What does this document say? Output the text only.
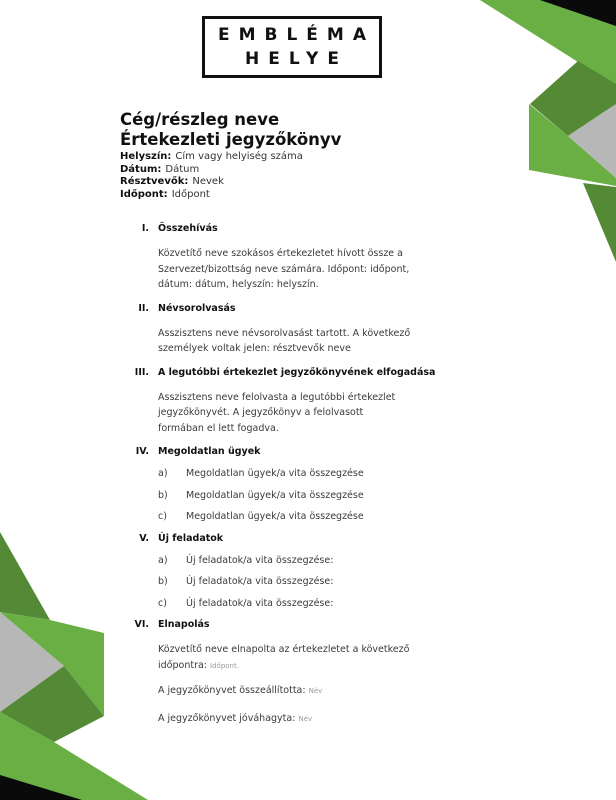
EMBLÉMA
HELYE
Cég/részleg neve
Értekezleti jegyzőkönyv
Helyszín: Cím vagy helyiség száma
Dátum: Dátum
Résztvevők: Nevek
Időpont: Időpont
I. Összehívás
Közvetítő neve szokásos értekezletet hívott össze a Szervezet/bizottság neve számára. Időpont: időpont, dátum: dátum, helyszín: helyszín.
II. Névsorolvasás
Asszisztens neve névsorolvasást tartott. A következő személyek voltak jelen: résztvevők neve
III. A legutóbbi értekezlet jegyzőkönyvének elfogadása
Asszisztens neve felolvasta a legutóbbi értekezlet jegyzőkönyvét. A jegyzőkönyv a felolvasott formában el lett fogadva.
IV. Megoldatlan ügyek
a)	Megoldatlan ügyek/a vita összegzése
b)	Megoldatlan ügyek/a vita összegzése
c)	Megoldatlan ügyek/a vita összegzése
V. Új feladatok
a)	Új feladatok/a vita összegzése:
b)	Új feladatok/a vita összegzése:
c)	Új feladatok/a vita összegzése:
VI. Elnapolás
Közvetítő neve elnapolta az értekezletet a következő időpontra: Időpont.
A jegyzőkönyvet összeállította: Név
A jegyzőkönyvet jóváhagyta: Név
